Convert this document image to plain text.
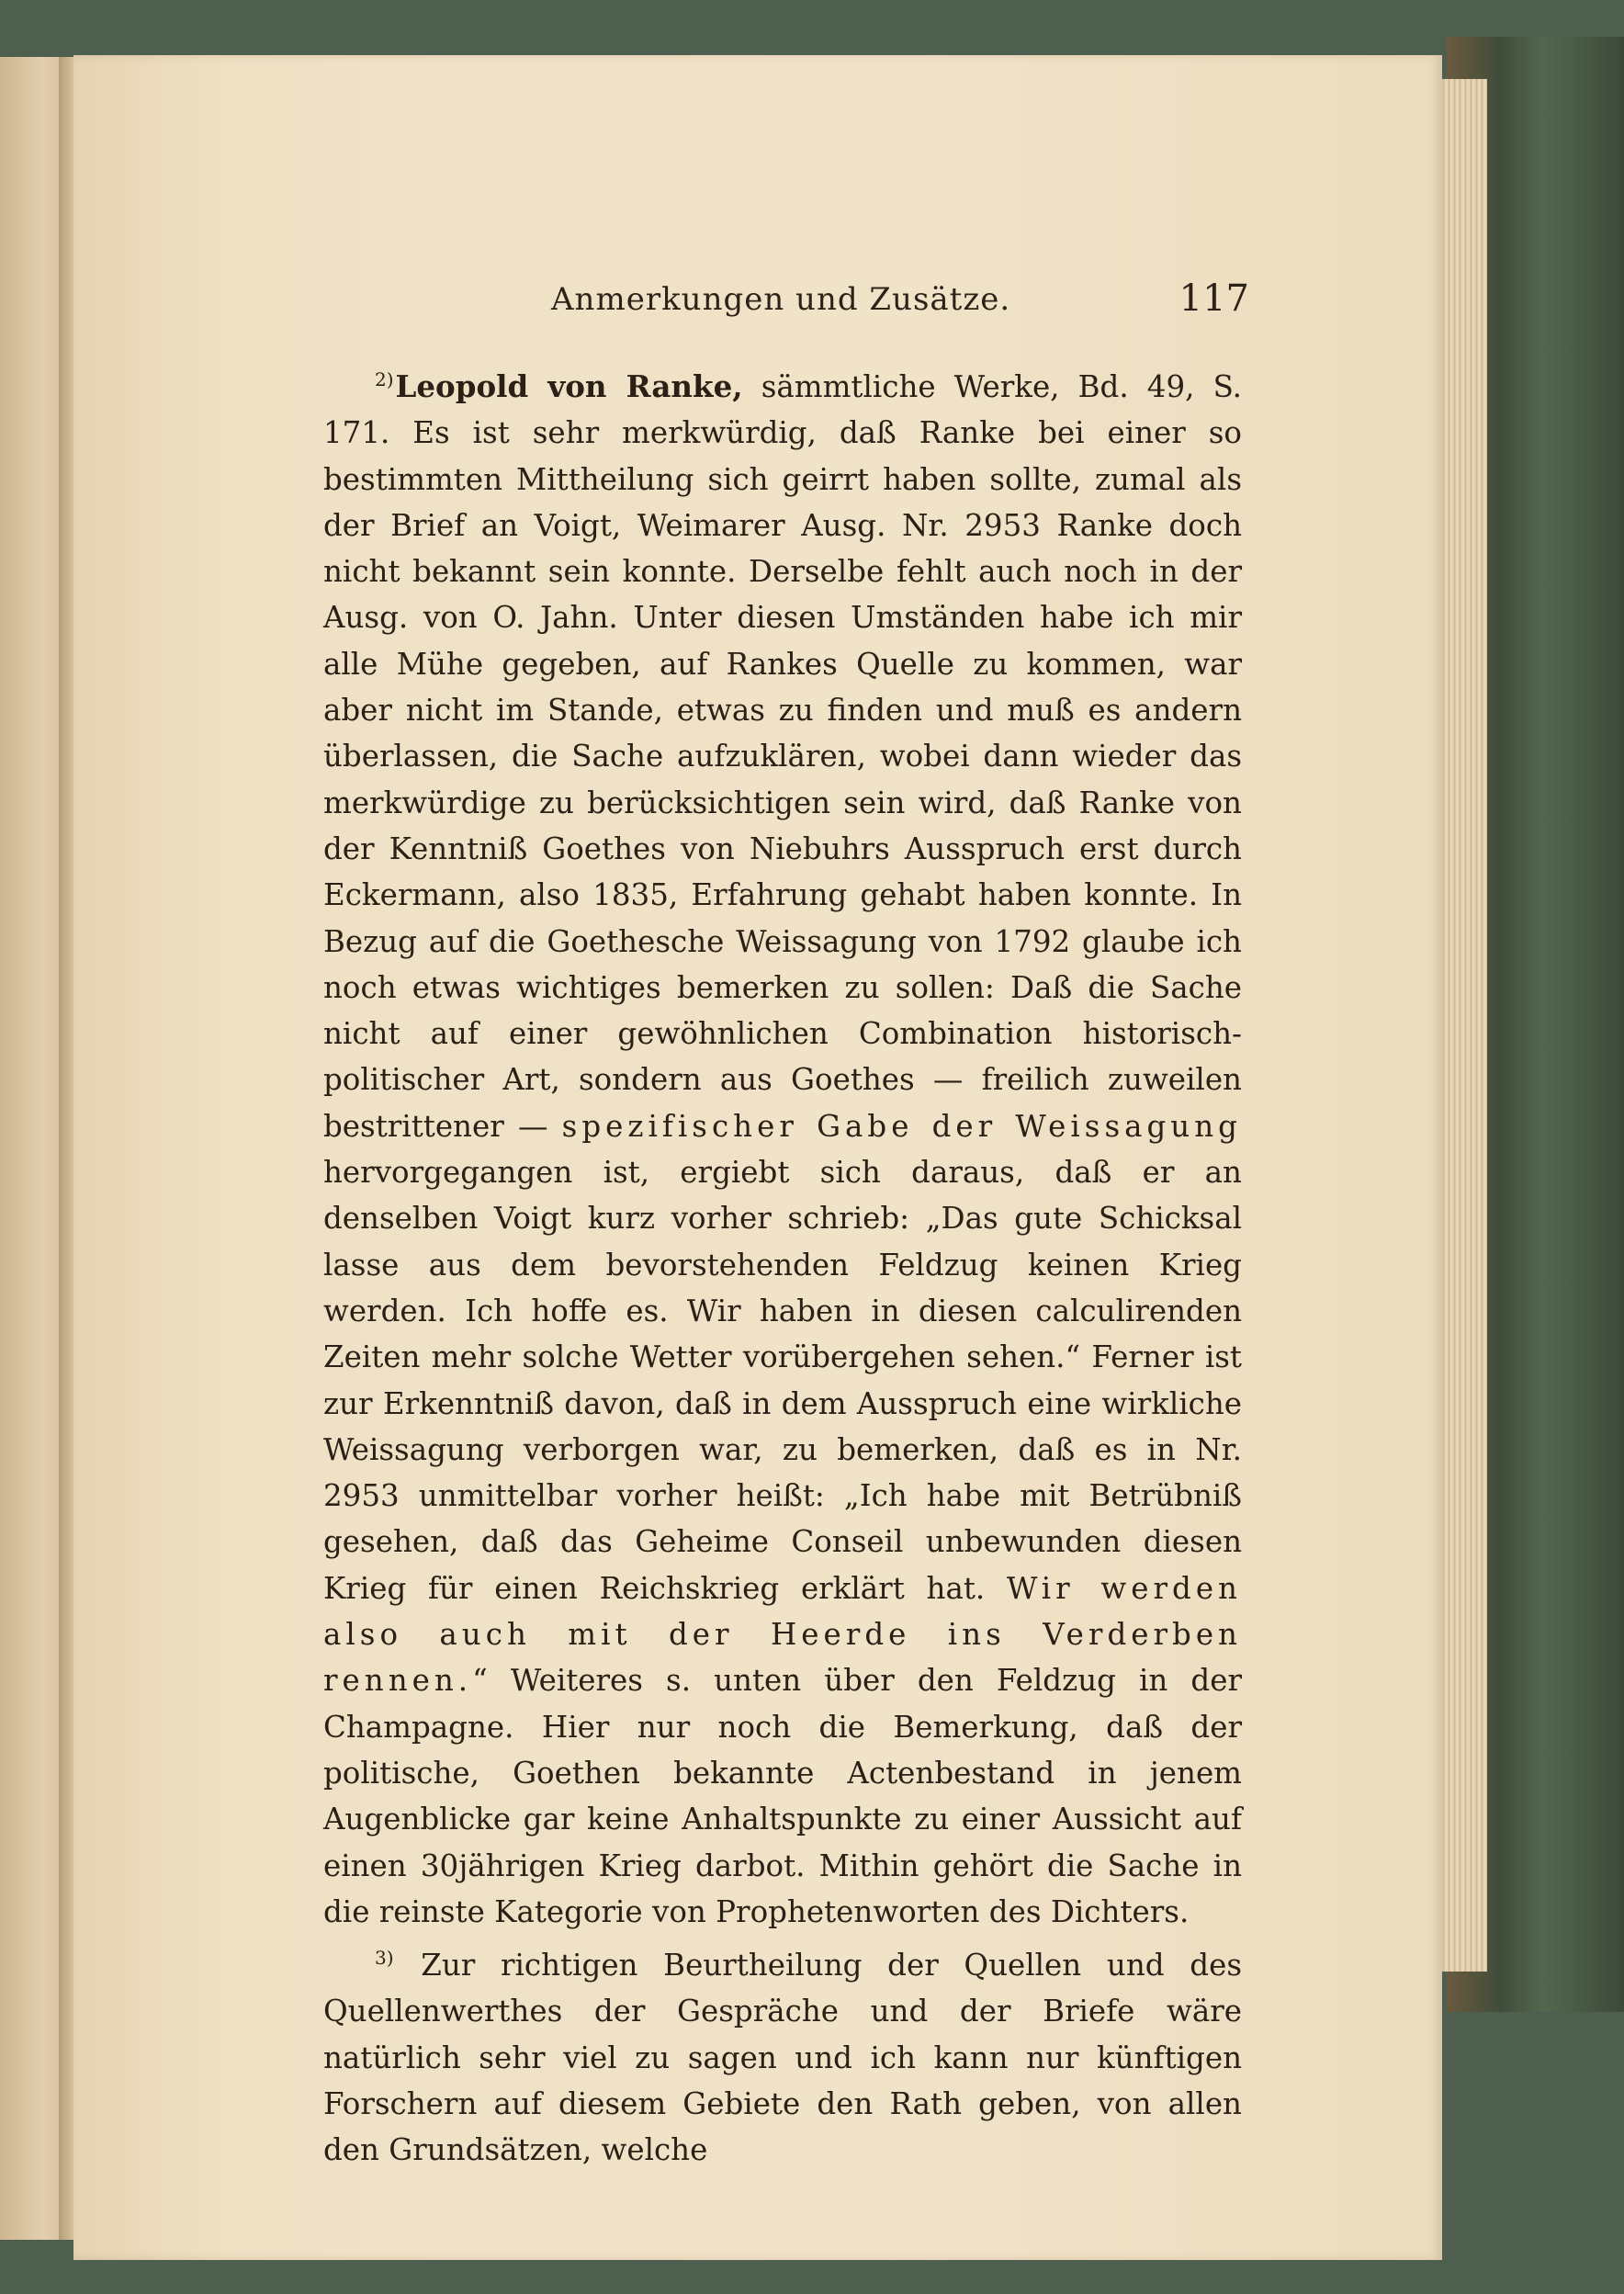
Anmerkungen und Zusätze.	117

$^{2)}$Leopold von Ranke, sämmtliche Werke, Bd. 49, S. 171. Es ist sehr merkwürdig, daß Ranke bei einer so bestimmten Mittheilung sich geirrt haben sollte, zumal als der Brief an Voigt, Weimarer Ausg. Nr. 2953 Ranke doch nicht bekannt sein konnte. Derselbe fehlt auch noch in der Ausg. von O. Jahn. Unter diesen Umständen habe ich mir alle Mühe gegeben, auf Rankes Quelle zu kommen, war aber nicht im Stande, etwas zu finden und muß es andern überlassen, die Sache aufzuklären, wobei dann wieder das merkwürdige zu berücksichtigen sein wird, daß Ranke von der Kenntniß Goethes von Niebuhrs Ausspruch erst durch Eckermann, also 1835, Erfahrung gehabt haben konnte. In Bezug auf die Goethesche Weissagung von 1792 glaube ich noch etwas wichtiges bemerken zu sollen: Daß die Sache nicht auf einer gewöhnlichen Combination historisch-politischer Art, sondern aus Goethes — freilich zuweilen bestrittener — spezifischer Gabe der Weissagung hervorgegangen ist, ergiebt sich daraus, daß er an denselben Voigt kurz vorher schrieb: „Das gute Schicksal lasse aus dem bevorstehenden Feldzug keinen Krieg werden. Ich hoffe es. Wir haben in diesen calculirenden Zeiten mehr solche Wetter vorübergehen sehen.“ Ferner ist zur Erkenntniß davon, daß in dem Ausspruch eine wirkliche Weissagung verborgen war, zu bemerken, daß es in Nr. 2953 unmittelbar vorher heißt: „Ich habe mit Betrübniß gesehen, daß das Geheime Conseil unbewunden diesen Krieg für einen Reichskrieg erklärt hat. Wir werden also auch mit der Heerde ins Verderben rennen.“ Weiteres s. unten über den Feldzug in der Champagne. Hier nur noch die Bemerkung, daß der politische, Goethen bekannte Actenbestand in jenem Augenblicke gar keine Anhaltspunkte zu einer Aussicht auf einen 30jährigen Krieg darbot. Mithin gehört die Sache in die reinste Kategorie von Prophetenworten des Dichters.

$^{3)}$ Zur richtigen Beurtheilung der Quellen und des Quellenwerthes der Gespräche und der Briefe wäre natürlich sehr viel zu sagen und ich kann nur künftigen Forschern auf diesem Gebiete den Rath geben, von allen den Grundsätzen, welche
